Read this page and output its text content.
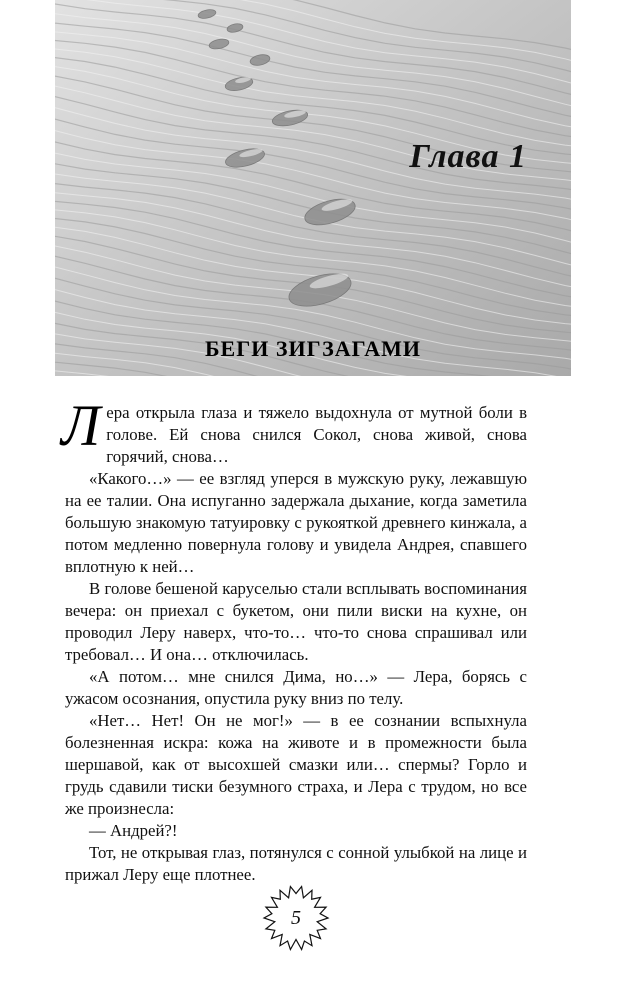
Глава 1
БЕГИ ЗИГЗАГАМИ

Лера открыла глаза и тяжело выдохнула от мутной боли в голове. Ей снова снился Сокол, снова живой, снова горячий, снова…

«Какого…» — ее взгляд уперся в мужскую руку, лежавшую на ее талии. Она испуганно задержала дыхание, когда заметила большую знакомую татуировку с рукояткой древнего кинжала, а потом медленно повернула голову и увидела Андрея, спавшего вплотную к ней…

В голове бешеной каруселью стали всплывать воспоминания вечера: он приехал с букетом, они пили виски на кухне, он проводил Леру наверх, что-то… что-то снова спрашивал или требовал… И она… отключилась.

«А потом… мне снился Дима, но…» — Лера, борясь с ужасом осознания, опустила руку вниз по телу.

«Нет… Нет! Он не мог!» — в ее сознании вспыхнула болезненная искра: кожа на животе и в промежности была шершавой, как от высохшей смазки или… спермы? Горло и грудь сдавили тиски безумного страха, и Лера с трудом, но все же произнесла:

— Андрей?!

Тот, не открывая глаз, потянулся с сонной улыбкой на лице и прижал Леру еще плотнее.

5
